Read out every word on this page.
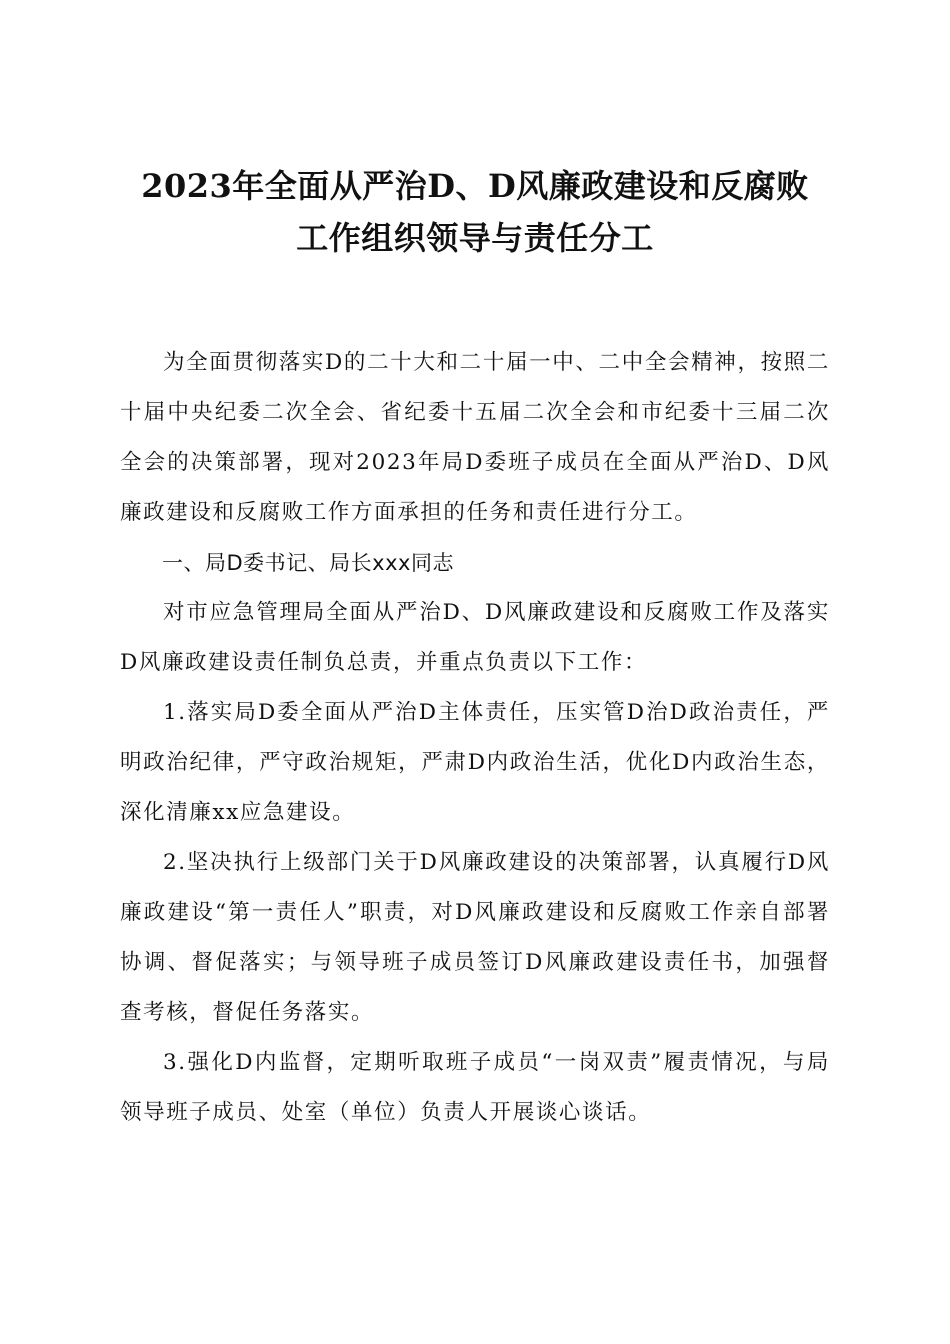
2023年全面从严治D、D风廉政建设和反腐败
工作组织领导与责任分工

为全面贯彻落实D的二十大和二十届一中、二中全会精神，按照二十届中央纪委二次全会、省纪委十五届二次全会和市纪委十三届二次全会的决策部署，现对2023年局D委班子成员在全面从严治D、D风廉政建设和反腐败工作方面承担的任务和责任进行分工。

一、局D委书记、局长xxx同志

对市应急管理局全面从严治D、D风廉政建设和反腐败工作及落实D风廉政建设责任制负总责，并重点负责以下工作：

1.落实局D委全面从严治D主体责任，压实管D治D政治责任，严明政治纪律，严守政治规矩，严肃D内政治生活，优化D内政治生态，深化清廉xx应急建设。

2.坚决执行上级部门关于D风廉政建设的决策部署，认真履行D风廉政建设“第一责任人”职责，对D风廉政建设和反腐败工作亲自部署协调、督促落实；与领导班子成员签订D风廉政建设责任书，加强督查考核，督促任务落实。

3.强化D内监督，定期听取班子成员“一岗双责”履责情况，与局领导班子成员、处室（单位）负责人开展谈心谈话。
